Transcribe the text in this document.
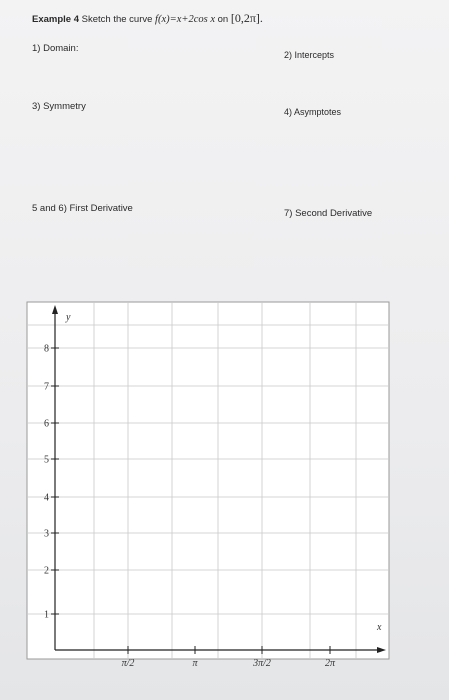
Example 4 Sketch the curve f(x)=x+2cos x on [0,2π].
1) Domain:
2) Intercepts
3) Symmetry	4) Asymptotes
5 and 6) First Derivative	7) Second Derivative
y
x
1
2
3
4
5
6
7
8
π/2	π	3π/2	2π
